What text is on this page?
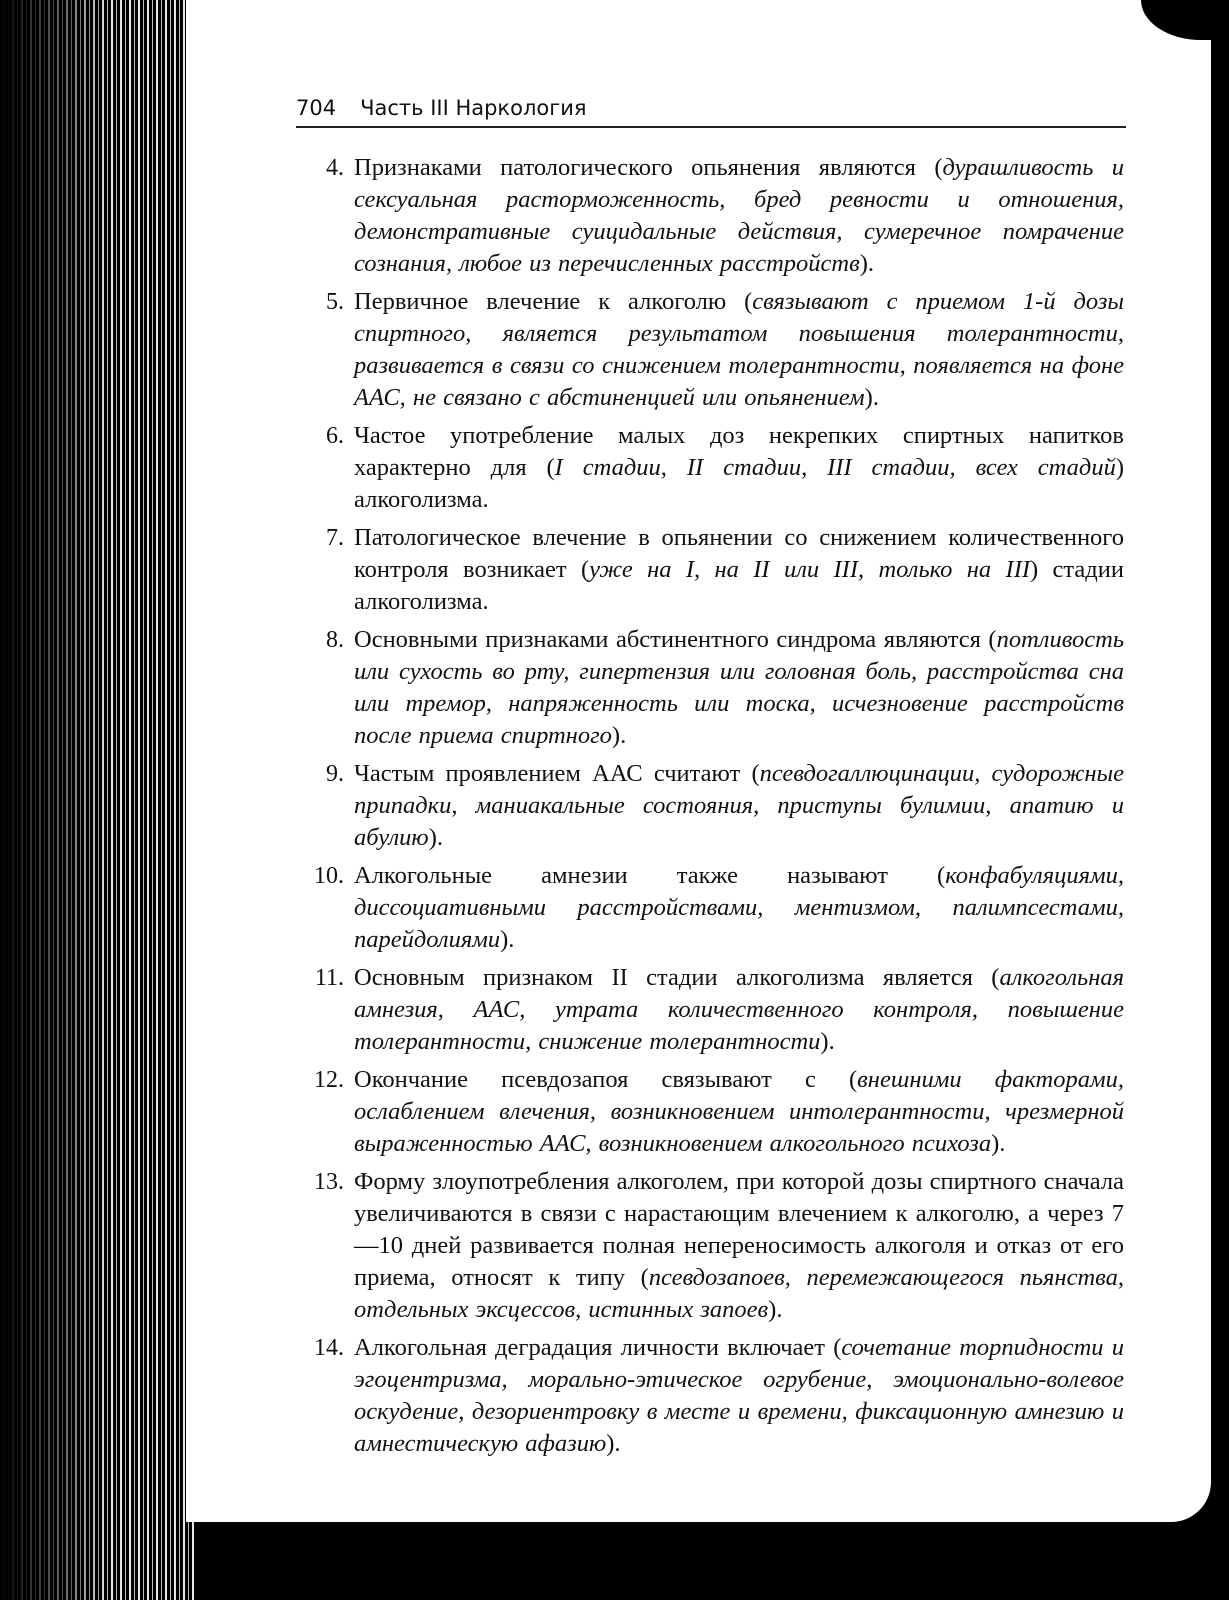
704 Часть III Наркология
4. Признаками патологического опьянения являются (дурашливость и сексуальная расторможенность, бред ревности и отношения, демонстративные суицидальные действия, сумеречное помрачение сознания, любое из перечисленных расстройств).
5. Первичное влечение к алкоголю (связывают с приемом 1-й дозы спиртного, является результатом повышения толерантности, развивается в связи со снижением толерантности, появляется на фоне ААС, не связано с абстиненцией или опьянением).
6. Частое употребление малых доз некрепких спиртных напитков характерно для (I стадии, II стадии, III стадии, всех стадий) алкоголизма.
7. Патологическое влечение в опьянении со снижением количественного контроля возникает (уже на I, на II или III, только на III) стадии алкоголизма.
8. Основными признаками абстинентного синдрома являются (потливость или сухость во рту, гипертензия или головная боль, расстройства сна или тремор, напряженность или тоска, исчезновение расстройств после приема спиртного).
9. Частым проявлением ААС считают (псевдогаллюцинации, судорожные припадки, маниакальные состояния, приступы булимии, апатию и абулию).
10. Алкогольные амнезии также называют (конфабуляциями, диссоциативными расстройствами, ментизмом, палимпсестами, парейдолиями).
11. Основным признаком II стадии алкоголизма является (алкогольная амнезия, ААС, утрата количественного контроля, повышение толерантности, снижение толерантности).
12. Окончание псевдозапоя связывают с (внешними факторами, ослаблением влечения, возникновением интолерантности, чрезмерной выраженностью ААС, возникновением алкогольного психоза).
13. Форму злоупотребления алкоголем, при которой дозы спиртного сначала увеличиваются в связи с нарастающим влечением к алкоголю, а через 7—10 дней развивается полная непереносимость алкоголя и отказ от его приема, относят к типу (псевдозапоев, перемежающегося пьянства, отдельных эксцессов, истинных запоев).
14. Алкогольная деградация личности включает (сочетание торпидности и эгоцентризма, морально-этическое огрубение, эмоционально-волевое оскудение, дезориентровку в месте и времени, фиксационную амнезию и амнестическую афазию).
